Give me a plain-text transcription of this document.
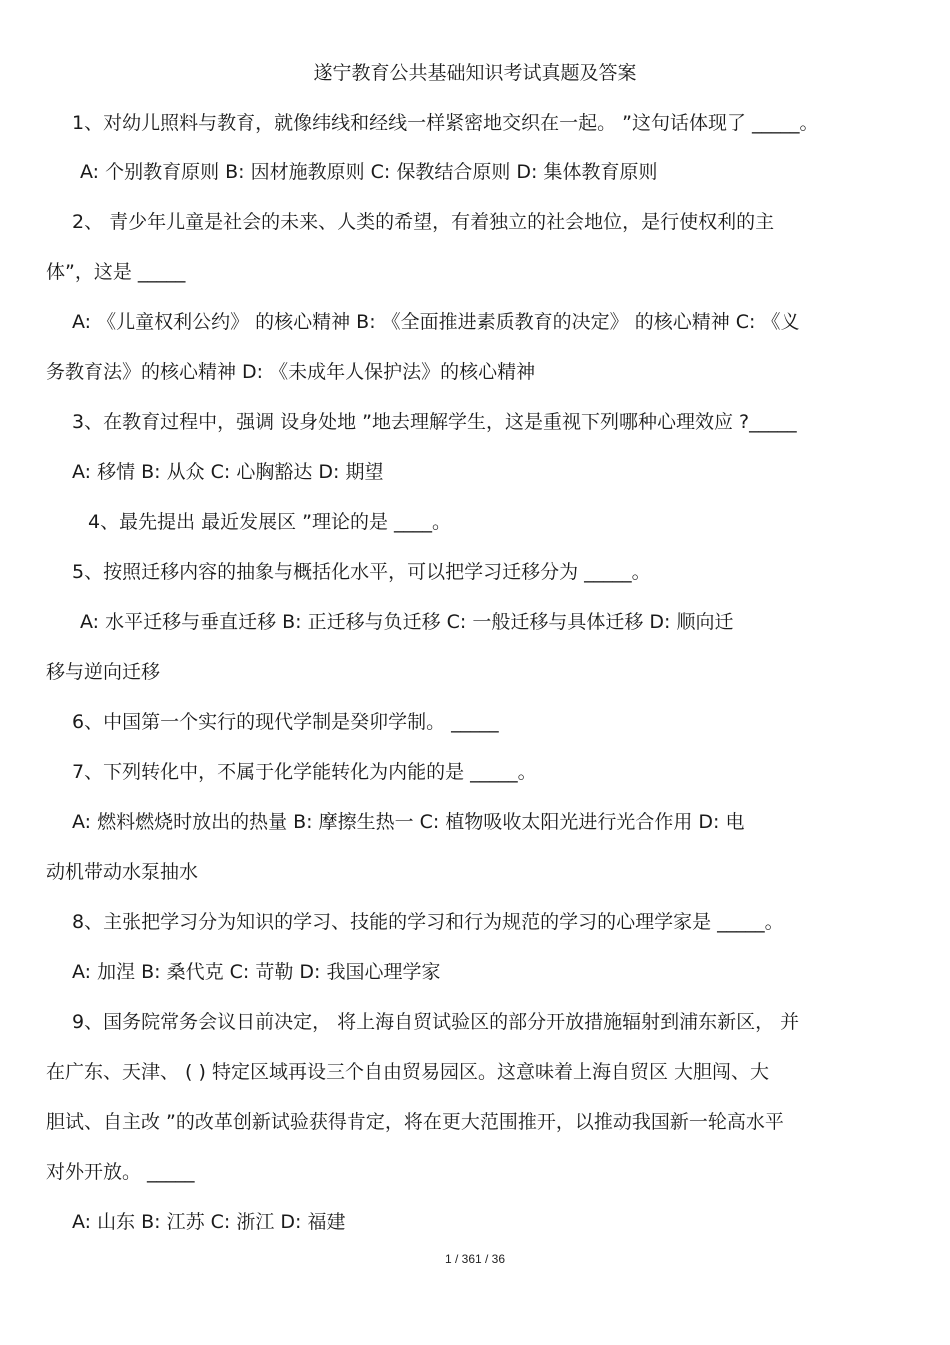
遂宁教育公共基础知识考试真题及答案
1、对幼儿照料与教育，就像纬线和经线一样紧密地交织在一起。 ”这句话体现了 _____。
A: 个别教育原则 B: 因材施教原则 C: 保教结合原则 D: 集体教育原则
2、 青少年儿童是社会的未来、人类的希望，有着独立的社会地位，是行使权利的主
体”，这是 _____
A: 《儿童权利公约》 的核心精神 B: 《全面推进素质教育的决定》 的核心精神 C: 《义
务教育法》的核心精神 D: 《未成年人保护法》的核心精神
3、在教育过程中，强调 设身处地 ”地去理解学生，这是重视下列哪种心理效应 ?_____
A: 移情 B: 从众 C: 心胸豁达 D: 期望
4、最先提出 最近发展区 ”理论的是 ____。
5、按照迁移内容的抽象与概括化水平，可以把学习迁移分为 _____。
A: 水平迁移与垂直迁移 B: 正迁移与负迁移 C: 一般迁移与具体迁移 D: 顺向迁
移与逆向迁移
6、中国第一个实行的现代学制是癸卯学制。 _____
7、下列转化中，不属于化学能转化为内能的是 _____。
A: 燃料燃烧时放出的热量 B: 摩擦生热一 C: 植物吸收太阳光进行光合作用 D: 电
动机带动水泵抽水
8、主张把学习分为知识的学习、技能的学习和行为规范的学习的心理学家是 _____。
A: 加涅 B: 桑代克 C: 苛勒 D: 我国心理学家
9、国务院常务会议日前决定， 将上海自贸试验区的部分开放措施辐射到浦东新区， 并
在广东、天津、 ( ) 特定区域再设三个自由贸易园区。这意味着上海自贸区 大胆闯、大
胆试、自主改 ”的改革创新试验获得肯定，将在更大范围推开，以推动我国新一轮高水平
对外开放。 _____
A: 山东 B: 江苏 C: 浙江 D: 福建
1 / 361 / 36
